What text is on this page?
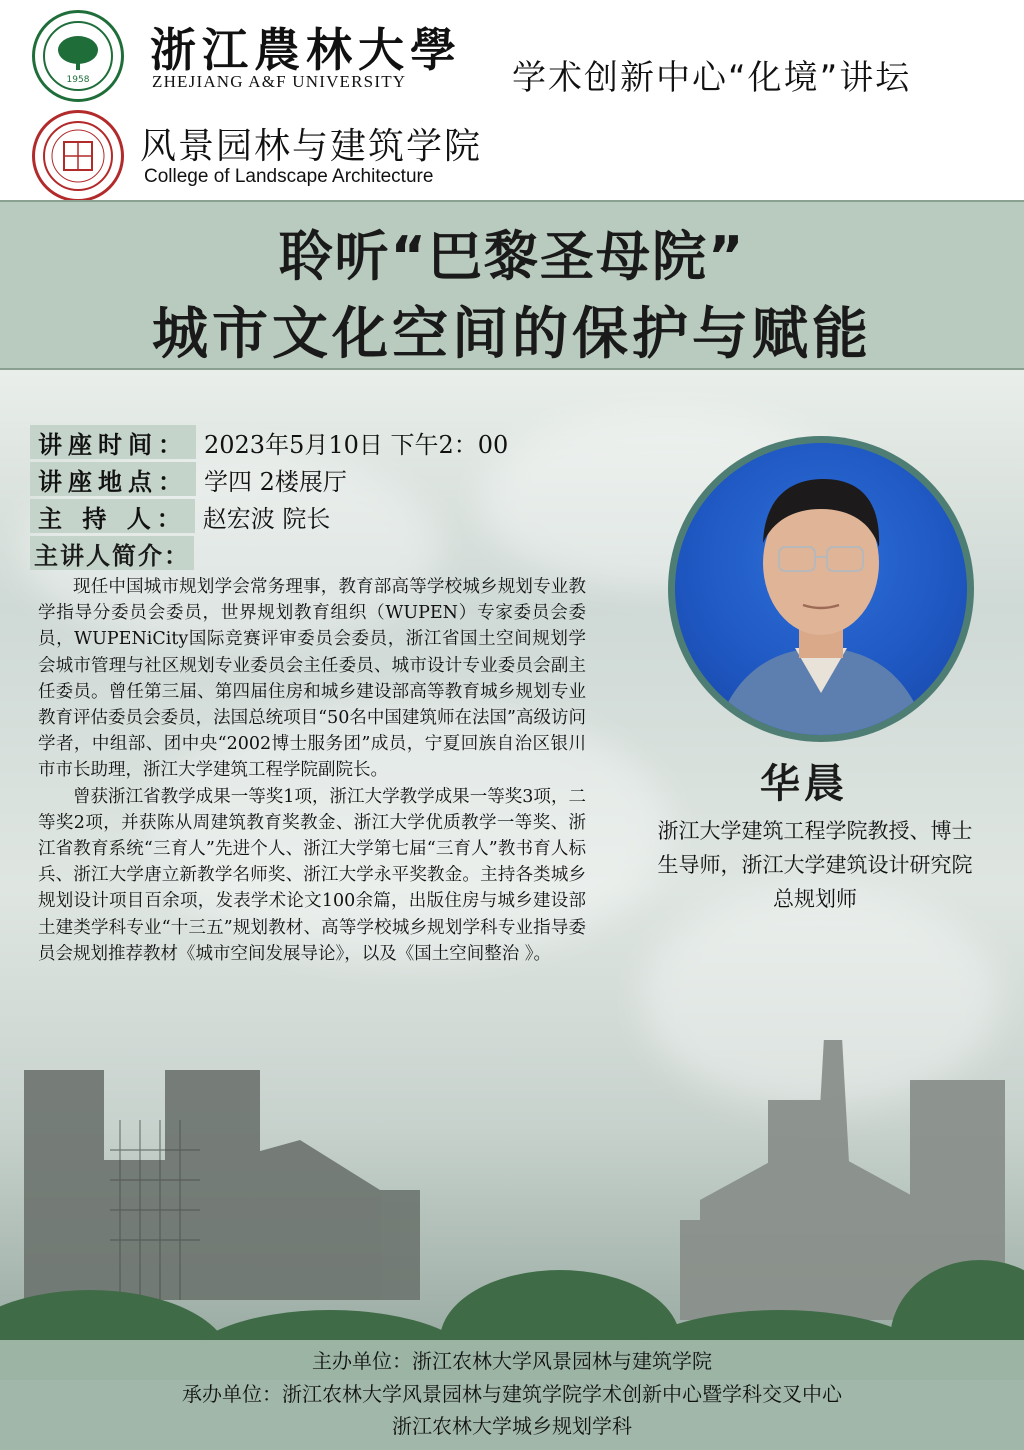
1958
浙江農林大學
ZHEJIANG A&F UNIVERSITY	学术创新中心“化境”讲坛
风景园林与建筑学院
College of Landscape Architecture
聆听“巴黎圣母院”
城市文化空间的保护与赋能
讲座时间： 2023年5月10日 下午2：00
讲座地点： 学四 2楼展厅
主 持 人： 赵宏波 院长
主讲人简介：

现任中国城市规划学会常务理事，教育部高等学校城乡规划专业教学指导分委员会委员，世界规划教育组织（WUPEN）专家委员会委员，WUPENiCity国际竞赛评审委员会委员，浙江省国土空间规划学会城市管理与社区规划专业委员会主任委员、城市设计专业委员会副主任委员。曾任第三届、第四届住房和城乡建设部高等教育城乡规划专业教育评估委员会委员，法国总统项目“50名中国建筑师在法国”高级访问学者，中组部、团中央“2002博士服务团”成员，宁夏回族自治区银川市市长助理，浙江大学建筑工程学院副院长。

曾获浙江省教学成果一等奖1项，浙江大学教学成果一等奖3项，二等奖2项，并获陈从周建筑教育奖教金、浙江大学优质教学一等奖、浙江省教育系统“三育人”先进个人、浙江大学第七届“三育人”教书育人标兵、浙江大学唐立新教学名师奖、浙江大学永平奖教金。主持各类城乡规划设计项目百余项，发表学术论文100余篇，出版住房与城乡建设部土建类学科专业“十三五”规划教材、高等学校城乡规划学科专业指导委员会规划推荐教材《城市空间发展导论》，以及《国土空间整治 》。

华晨
浙江大学建筑工程学院教授、博士
生导师，浙江大学建筑设计研究院
总规划师
主办单位：浙江农林大学风景园林与建筑学院
承办单位：浙江农林大学风景园林与建筑学院学术创新中心暨学科交叉中心
浙江农林大学城乡规划学科
